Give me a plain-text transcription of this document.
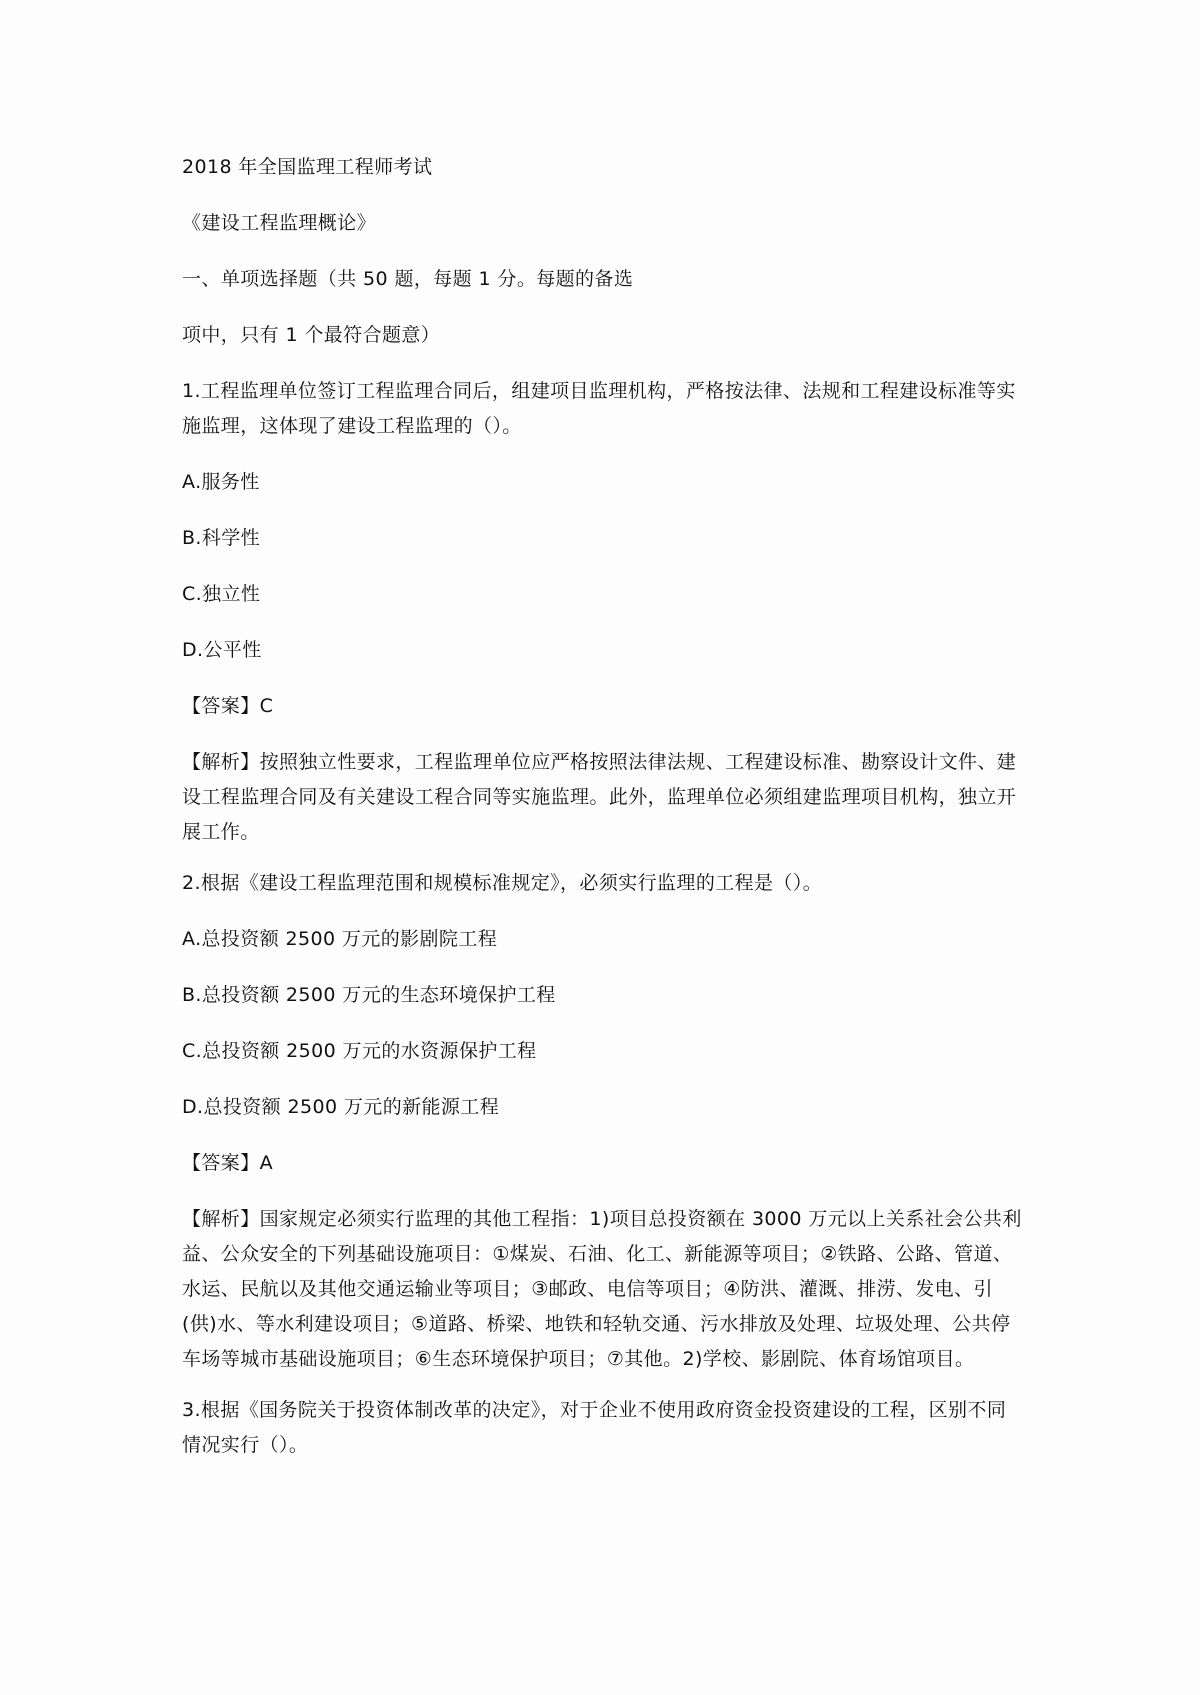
2018 年全国监理工程师考试

《建设工程监理概论》

一、单项选择题（共 50 题，每题 1 分。每题的备选

项中，只有 1 个最符合题意）

1.工程监理单位签订工程监理合同后，组建项目监理机构，严格按法律、法规和工程建设标准等实施监理，这体现了建设工程监理的（）。

A.服务性

B.科学性

C.独立性

D.公平性

【答案】C

【解析】按照独立性要求，工程监理单位应严格按照法律法规、工程建设标准、勘察设计文件、建设工程监理合同及有关建设工程合同等实施监理。此外，监理单位必须组建监理项目机构，独立开展工作。

2.根据《建设工程监理范围和规模标准规定》，必须实行监理的工程是（）。

A.总投资额 2500 万元的影剧院工程

B.总投资额 2500 万元的生态环境保护工程

C.总投资额 2500 万元的水资源保护工程

D.总投资额 2500 万元的新能源工程

【答案】A

【解析】国家规定必须实行监理的其他工程指：1)项目总投资额在 3000 万元以上关系社会公共利益、公众安全的下列基础设施项目：①煤炭、石油、化工、新能源等项目；②铁路、公路、管道、水运、民航以及其他交通运输业等项目；③邮政、电信等项目；④防洪、灌溉、排涝、发电、引(供)水、等水利建设项目；⑤道路、桥梁、地铁和轻轨交通、污水排放及处理、垃圾处理、公共停车场等城市基础设施项目；⑥生态环境保护项目；⑦其他。2)学校、影剧院、体育场馆项目。

3.根据《国务院关于投资体制改革的决定》，对于企业不使用政府资金投资建设的工程，区别不同情况实行（）。
